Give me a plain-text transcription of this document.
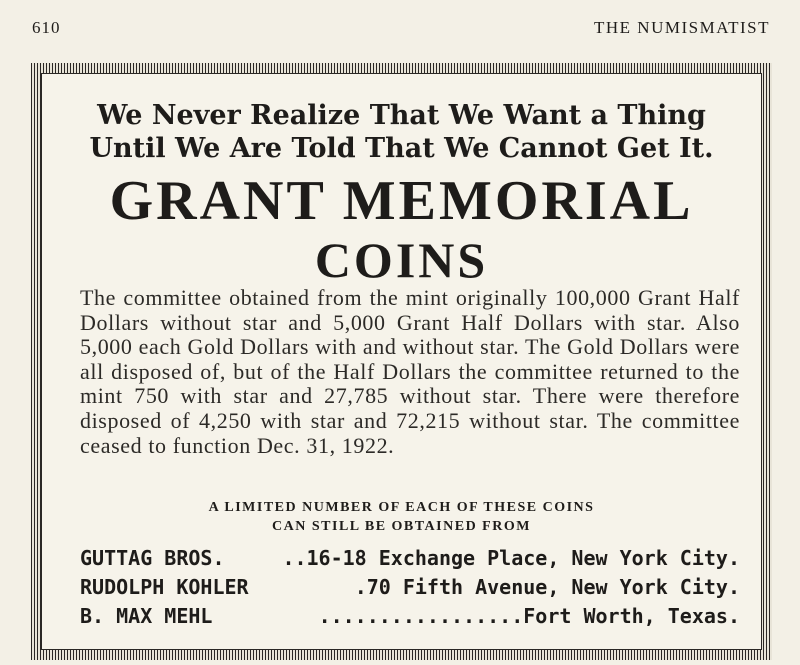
610	THE NUMISMATIST
We Never Realize That We Want a Thing
Until We Are Told That We Cannot Get It.
GRANT MEMORIAL
COINS
The committee obtained from the mint originally 100,000 Grant Half Dollars without star and 5,000 Grant Half Dollars with star. Also 5,000 each Gold Dollars with and without star. The Gold Dollars were all disposed of, but of the Half Dollars the committee returned to the mint 750 with star and 27,785 without star. There were therefore disposed of 4,250 with star and 72,215 without star. The committee ceased to function Dec. 31, 1922.
A LIMITED NUMBER OF EACH OF THESE COINS
CAN STILL BE OBTAINED FROM
GUTTAG BROS.	..16-18 Exchange Place, New York City.
RUDOLPH KOHLER	.70 Fifth Avenue, New York City.
B. MAX MEHL	.................Fort Worth, Texas.
